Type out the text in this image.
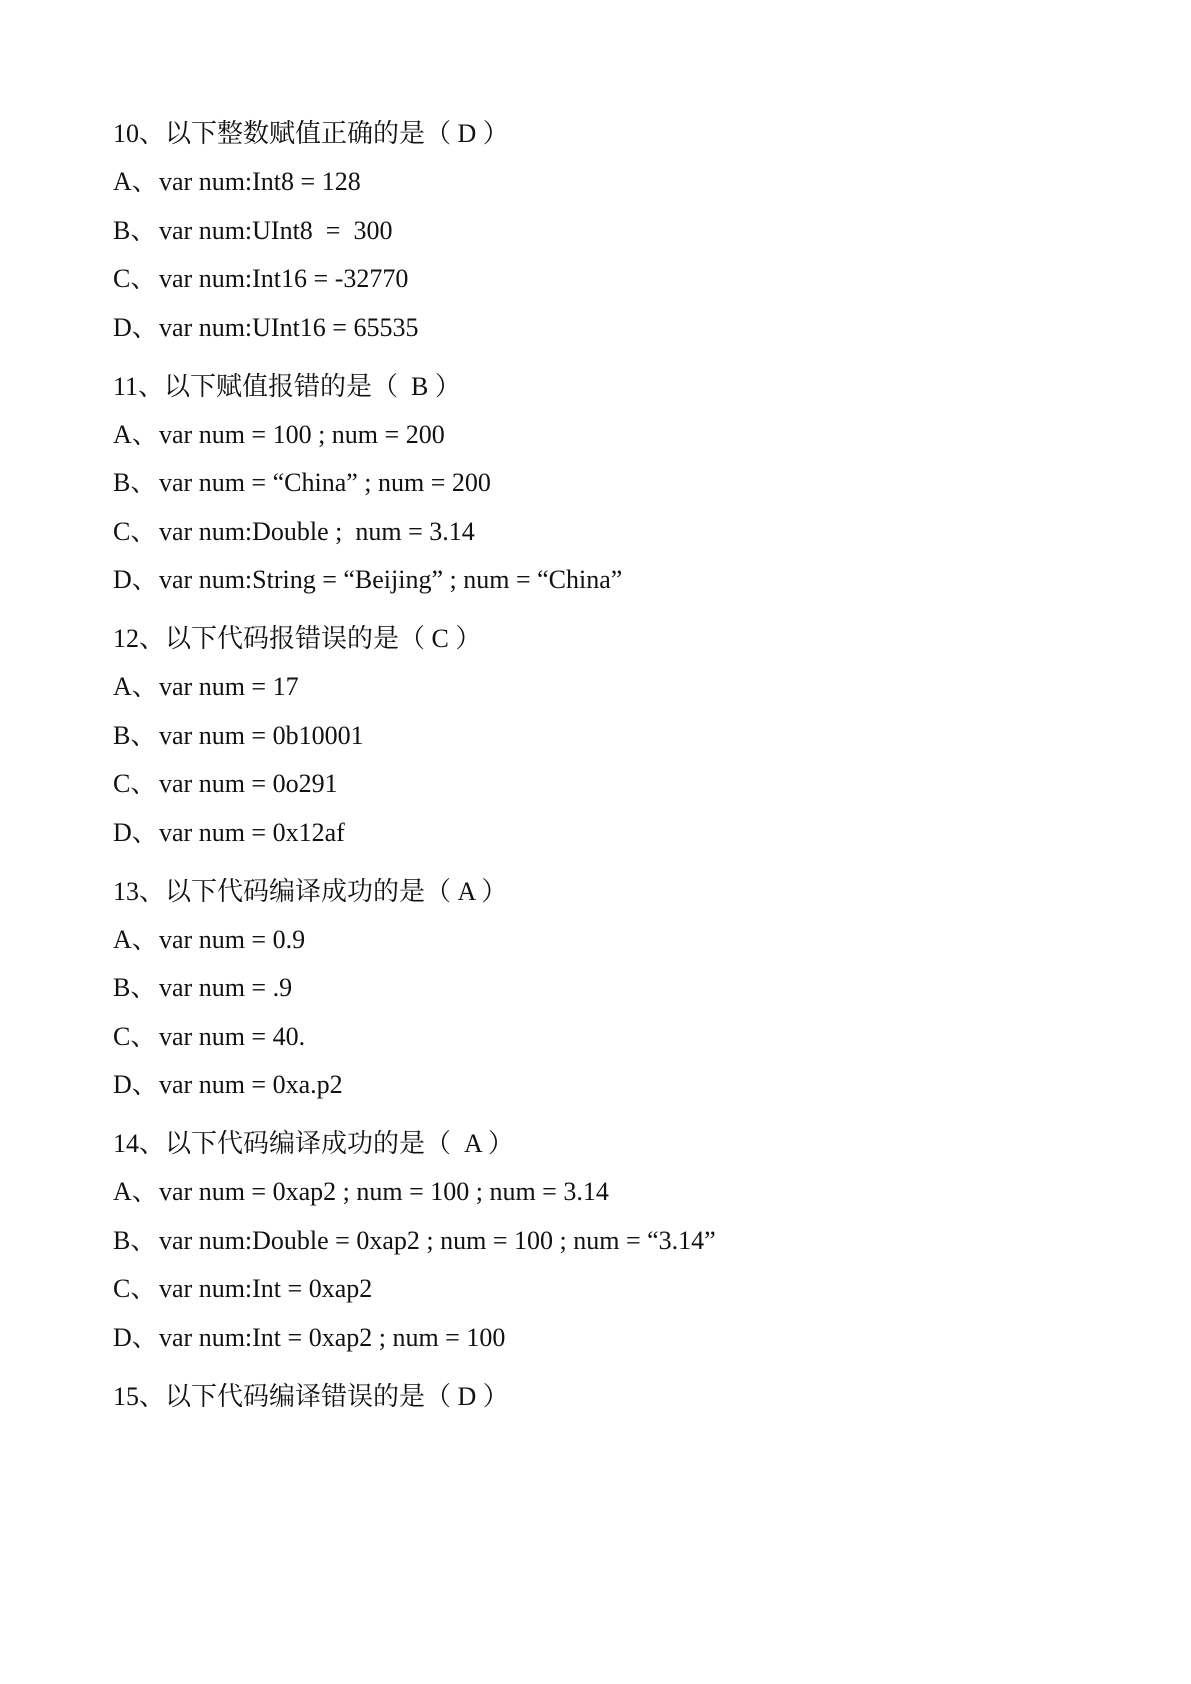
10、以下整数赋值正确的是（ D ）
A、var num:Int8 = 128
B、 var num:UInt8  =  300
C、 var num:Int16 = -32770
D、var num:UInt16 = 65535
11、以下赋值报错的是（  B ）
A、var num = 100 ; num = 200
B、 var num = “China” ; num = 200
C、 var num:Double ;  num = 3.14
D、var num:String = “Beijing” ; num = “China”
12、以下代码报错误的是（ C ）
A、var num = 17
B、 var num = 0b10001
C、 var num = 0o291
D、var num = 0x12af
13、以下代码编译成功的是（ A ）
A、var num = 0.9
B、 var num = .9
C、 var num = 40.
D、var num = 0xa.p2
14、以下代码编译成功的是（  A ）
A、var num = 0xap2 ; num = 100 ; num = 3.14
B、 var num:Double = 0xap2 ; num = 100 ; num = “3.14”
C、 var num:Int = 0xap2
D、var num:Int = 0xap2 ; num = 100
15、以下代码编译错误的是（ D ）
